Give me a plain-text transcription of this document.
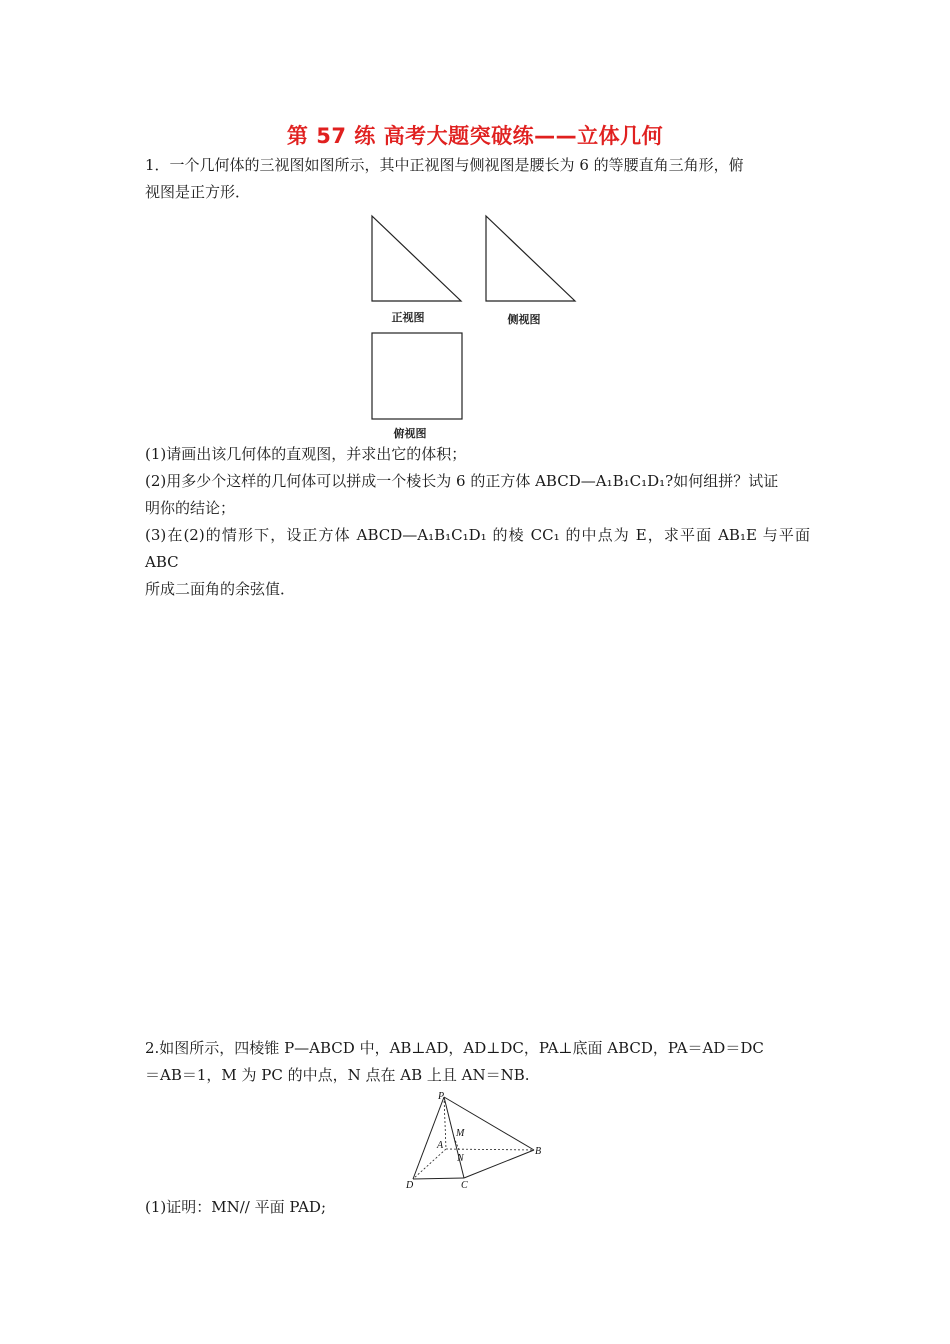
第 57 练 高考大题突破练——立体几何
1．一个几何体的三视图如图所示，其中正视图与侧视图是腰长为 6 的等腰直角三角形，俯
视图是正方形．
正视图	侧视图
俯视图
(1)请画出该几何体的直观图，并求出它的体积；
(2)用多少个这样的几何体可以拼成一个棱长为 6 的正方体 ABCD—A₁B₁C₁D₁?如何组拼？试证
明你的结论；
(3)在(2)的情形下，设正方体 ABCD—A₁B₁C₁D₁ 的棱 CC₁ 的中点为 E，求平面 AB₁E 与平面 ABC
所成二面角的余弦值．
2.如图所示，四棱锥 P—ABCD 中，AB⊥AD，AD⊥DC，PA⊥底面 ABCD，PA＝AD＝DC
＝AB＝1，M 为 PC 的中点，N 点在 AB 上且 AN＝NB.
P
M
A
N
B
D	C
(1)证明：MN// 平面 PAD;
